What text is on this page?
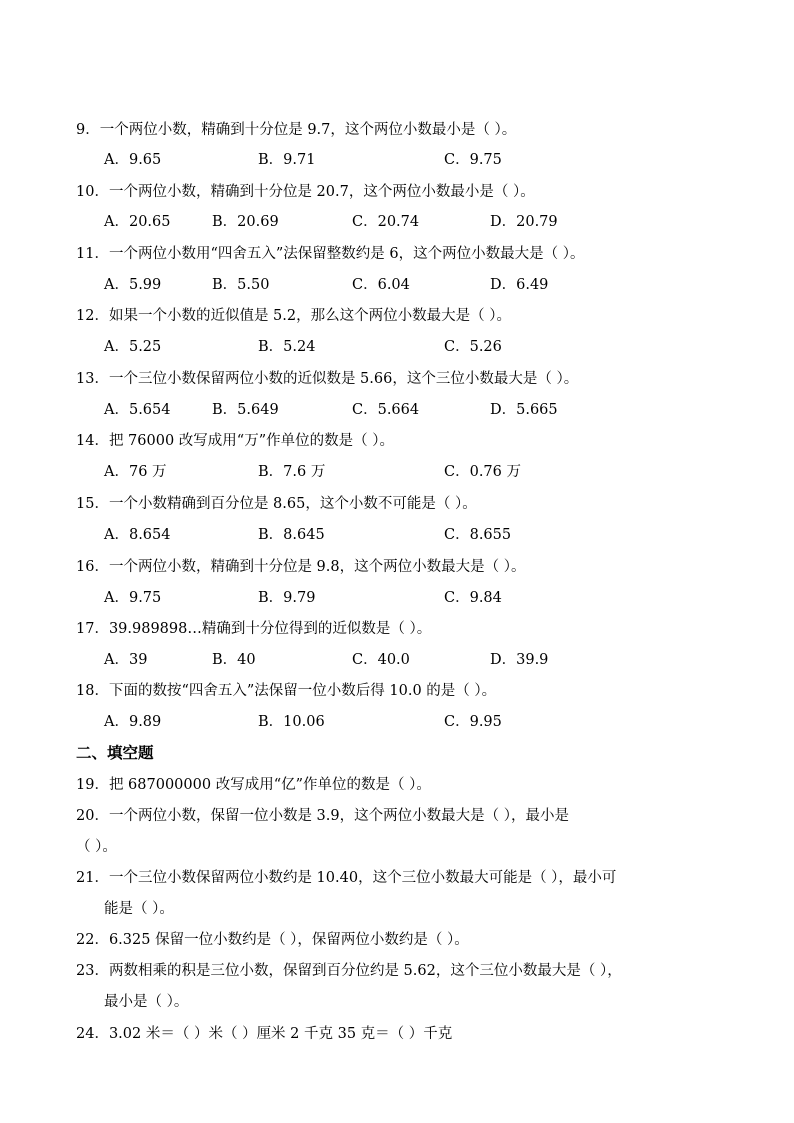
9．一个两位小数，精确到十分位是 9.7，这个两位小数最小是（ ）。
A．9.65	B．9.71	C．9.75
10．一个两位小数，精确到十分位是 20.7，这个两位小数最小是（ ）。
A．20.65	B．20.69	C．20.74	D．20.79
11．一个两位小数用“四舍五入”法保留整数约是 6，这个两位小数最大是（ ）。
A．5.99	B．5.50	C．6.04	D．6.49
12．如果一个小数的近似值是 5.2，那么这个两位小数最大是（ ）。
A．5.25	B．5.24	C．5.26
13．一个三位小数保留两位小数的近似数是 5.66，这个三位小数最大是（ ）。
A．5.654	B．5.649	C．5.664	D．5.665
14．把 76000 改写成用“万”作单位的数是（ ）。
A．76 万	B．7.6 万	C．0.76 万
15．一个小数精确到百分位是 8.65，这个小数不可能是（ ）。
A．8.654	B．8.645	C．8.655
16．一个两位小数，精确到十分位是 9.8，这个两位小数最大是（ ）。
A．9.75	B．9.79	C．9.84
17．39.989898…精确到十分位得到的近似数是（ ）。
A．39	B．40	C．40.0	D．39.9
18．下面的数按“四舍五入”法保留一位小数后得 10.0 的是（ ）。
A．9.89	B．10.06	C．9.95
二、填空题
19．把 687000000 改写成用“亿”作单位的数是（ ）。
20．一个两位小数，保留一位小数是 3.9，这个两位小数最大是（ ），最小是
（ ）。
21．一个三位小数保留两位小数约是 10.40，这个三位小数最大可能是（ ），最小可
能是（ ）。
22．6.325 保留一位小数约是（ ），保留两位小数约是（ ）。
23．两数相乘的积是三位小数，保留到百分位约是 5.62，这个三位小数最大是（ ），
最小是（ ）。
24．3.02 米＝（ ）米（ ）厘米 2 千克 35 克＝（ ）千克
